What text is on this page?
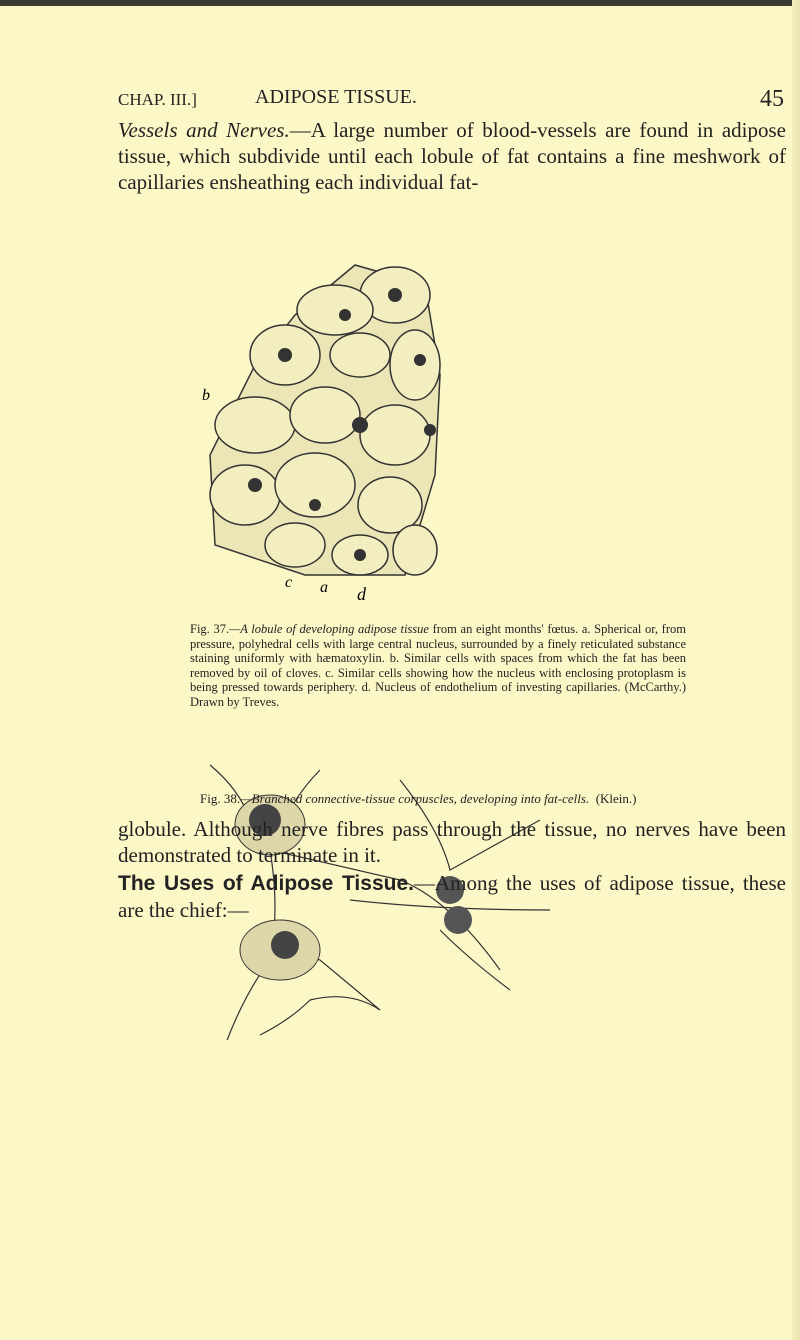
CHAP. III.]	ADIPOSE TISSUE.	45
Vessels and Nerves.—A large number of blood-vessels are found in adipose tissue, which subdivide until each lobule of fat contains a fine meshwork of capillaries ensheathing each individual fat-
b
c a d
Fig. 37.—A lobule of developing adipose tissue from an eight months' fœtus. a. Spherical or, from pressure, polyhedral cells with large central nucleus, surrounded by a finely reticulated substance staining uniformly with hæmatoxylin. b. Similar cells with spaces from which the fat has been removed by oil of cloves. c. Similar cells showing how the nucleus with enclosing protoplasm is being pressed towards periphery. d. Nucleus of endothelium of investing capillaries. (McCarthy.) Drawn by Treves.
Fig. 38.—Branched connective-tissue corpuscles, developing into fat-cells. (Klein.)
globule. Although nerve fibres pass through the tissue, no nerves have been demonstrated to terminate in it.
The Uses of Adipose Tissue.—Among the uses of adipose tissue, these are the chief:—
